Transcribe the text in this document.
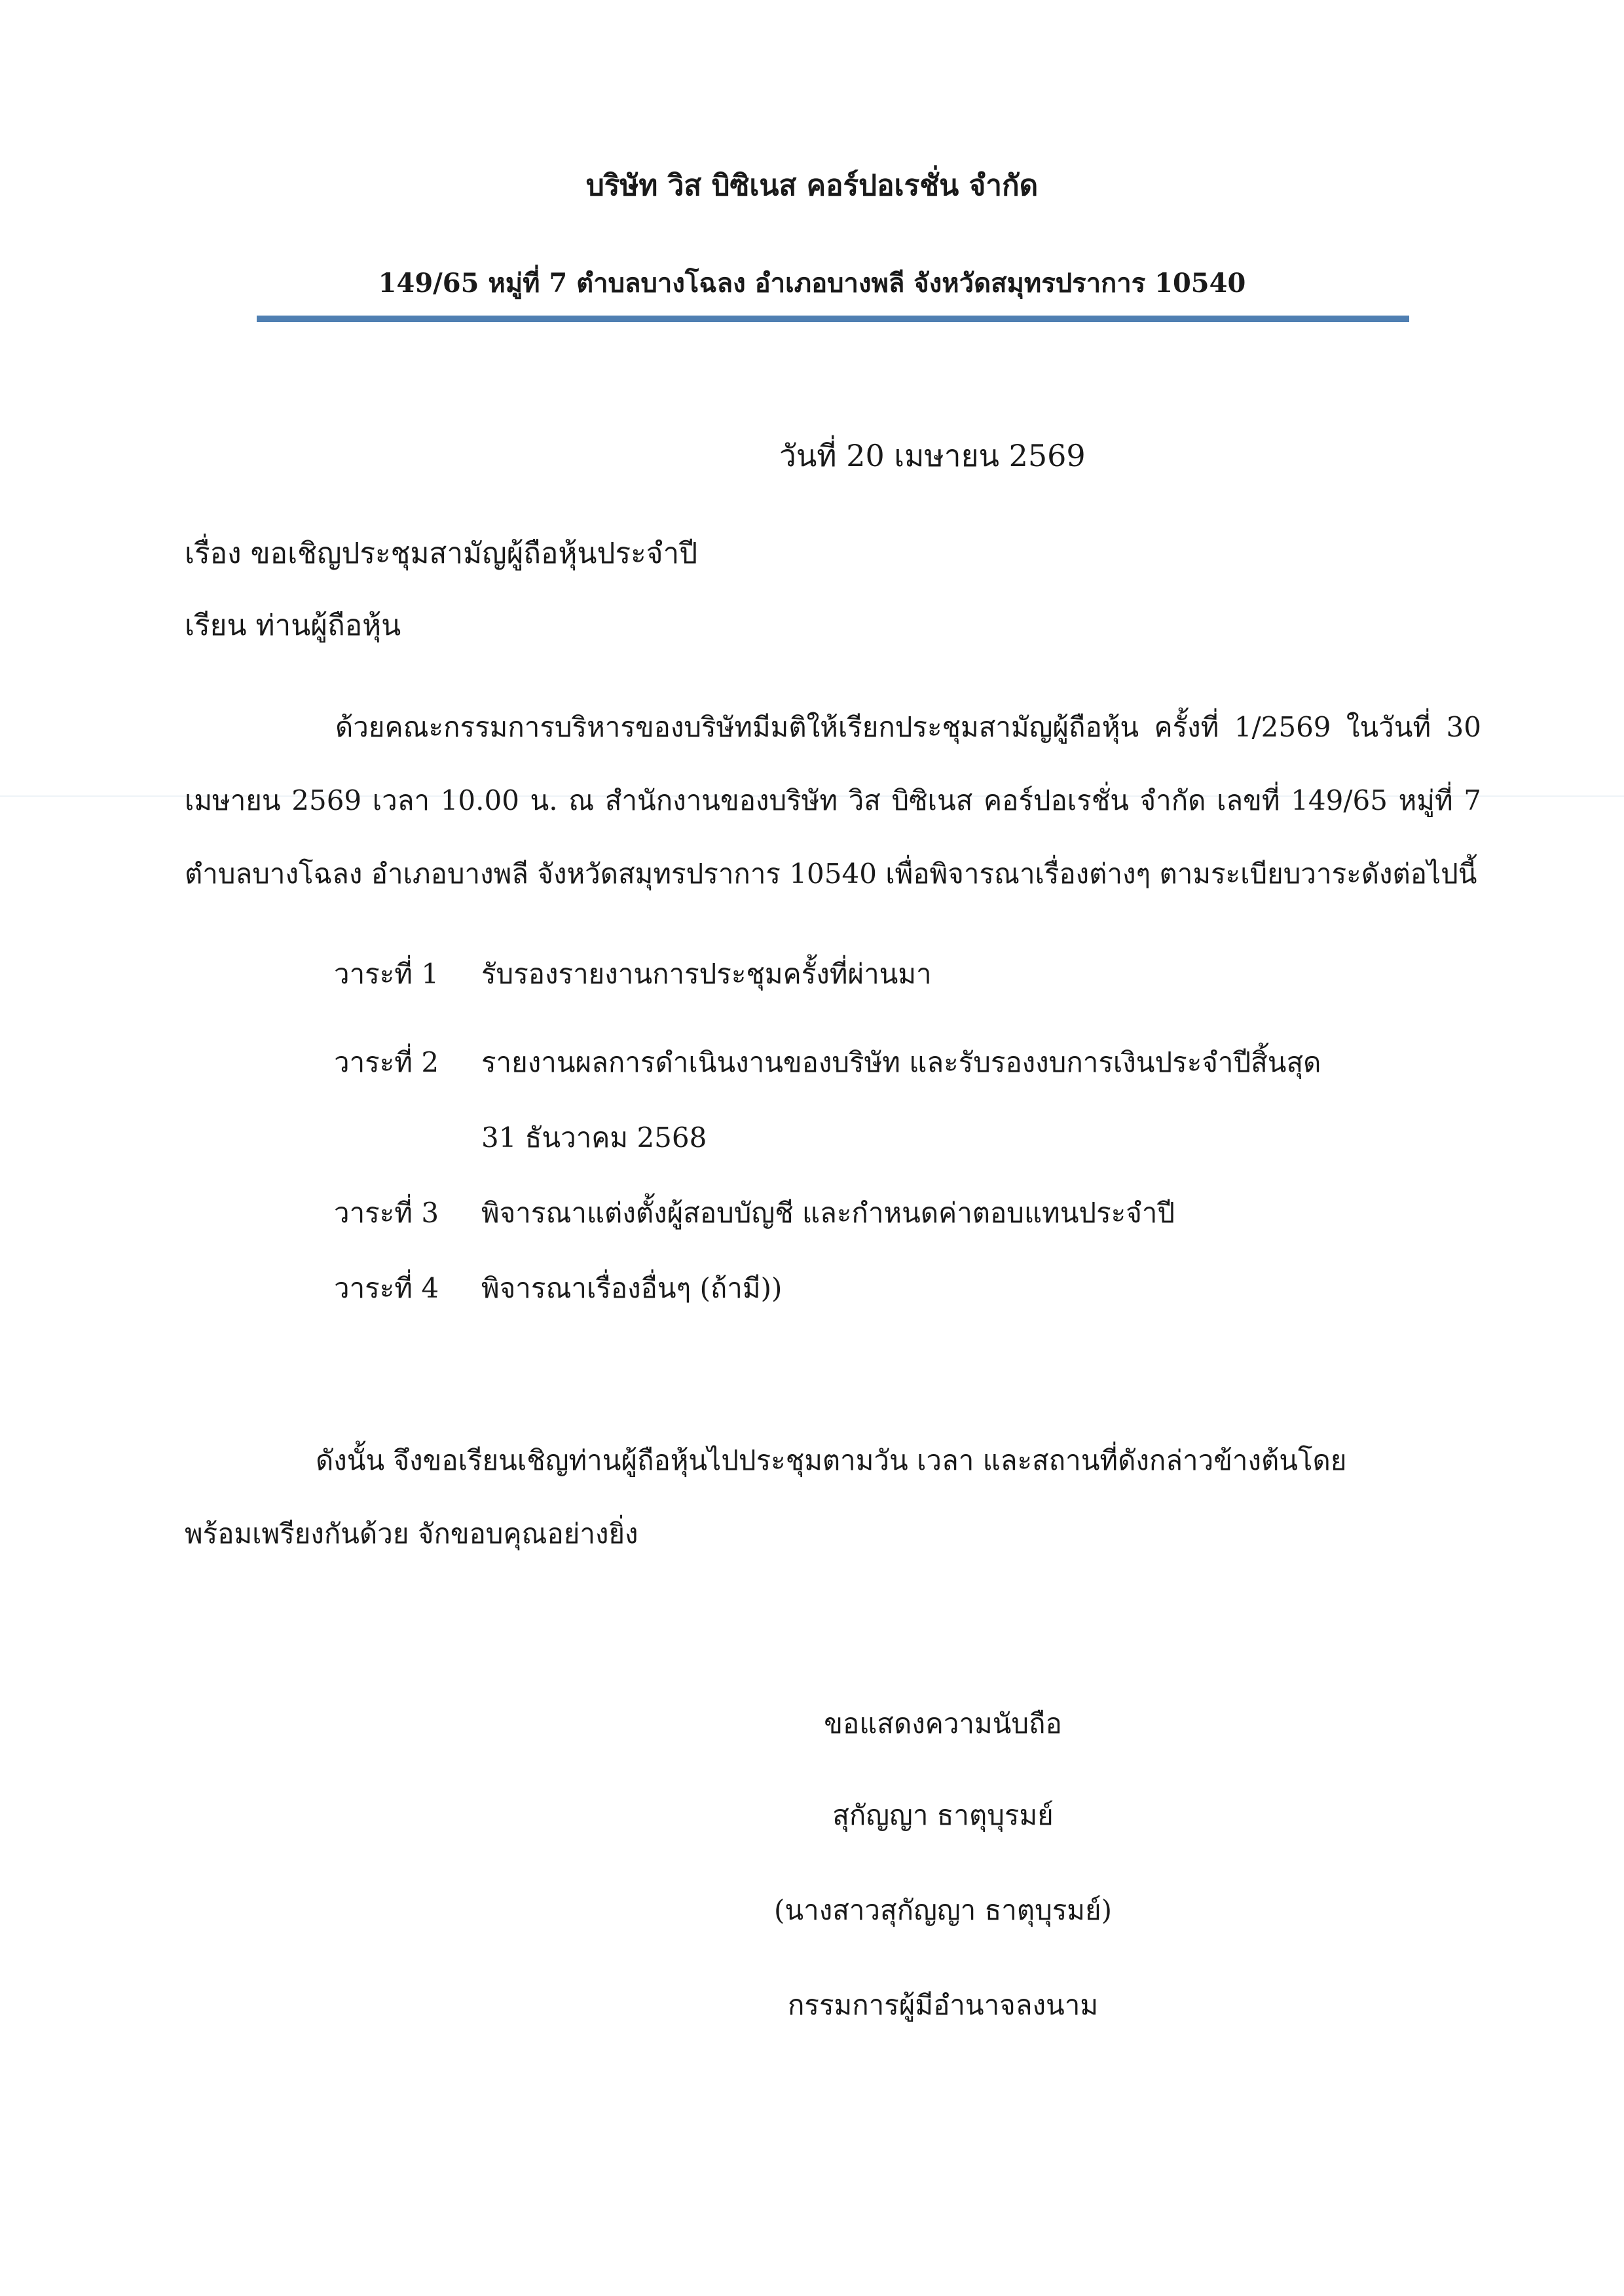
บริษัท วิส บิซิเนส คอร์ปอเรชั่น จำกัด
149/65 หมู่ที่ 7 ตำบลบางโฉลง อำเภอบางพลี จังหวัดสมุทรปราการ 10540
วันที่ 20 เมษายน 2569
เรื่อง ขอเชิญประชุมสามัญผู้ถือหุ้นประจำปี
เรียน ท่านผู้ถือหุ้น
ด้วยคณะกรรมการบริหารของบริษัทมีมติให้เรียกประชุมสามัญผู้ถือหุ้น ครั้งที่ 1/2569 ในวันที่ 30 เมษายน 2569 เวลา 10.00 น. ณ สำนักงานของบริษัท วิส บิซิเนส คอร์ปอเรชั่น จำกัด เลขที่ 149/65 หมู่ที่ 7 ตำบลบางโฉลง อำเภอบางพลี จังหวัดสมุทรปราการ 10540 เพื่อพิจารณาเรื่องต่างๆ ตามระเบียบวาระดังต่อไปนี้
วาระที่ 1 รับรองรายงานการประชุมครั้งที่ผ่านมา
วาระที่ 2 รายงานผลการดำเนินงานของบริษัท และรับรองงบการเงินประจำปีสิ้นสุด
31 ธันวาคม 2568
วาระที่ 3 พิจารณาแต่งตั้งผู้สอบบัญชี และกำหนดค่าตอบแทนประจำปี
วาระที่ 4 พิจารณาเรื่องอื่นๆ (ถ้ามี))
ดังนั้น จึงขอเรียนเชิญท่านผู้ถือหุ้นไปประชุมตามวัน เวลา และสถานที่ดังกล่าวข้างต้นโดยพร้อมเพรียงกันด้วย จักขอบคุณอย่างยิ่ง
ขอแสดงความนับถือ
สุกัญญา ธาตุบุรมย์
(นางสาวสุกัญญา ธาตุบุรมย์)
กรรมการผู้มีอำนาจลงนาม
